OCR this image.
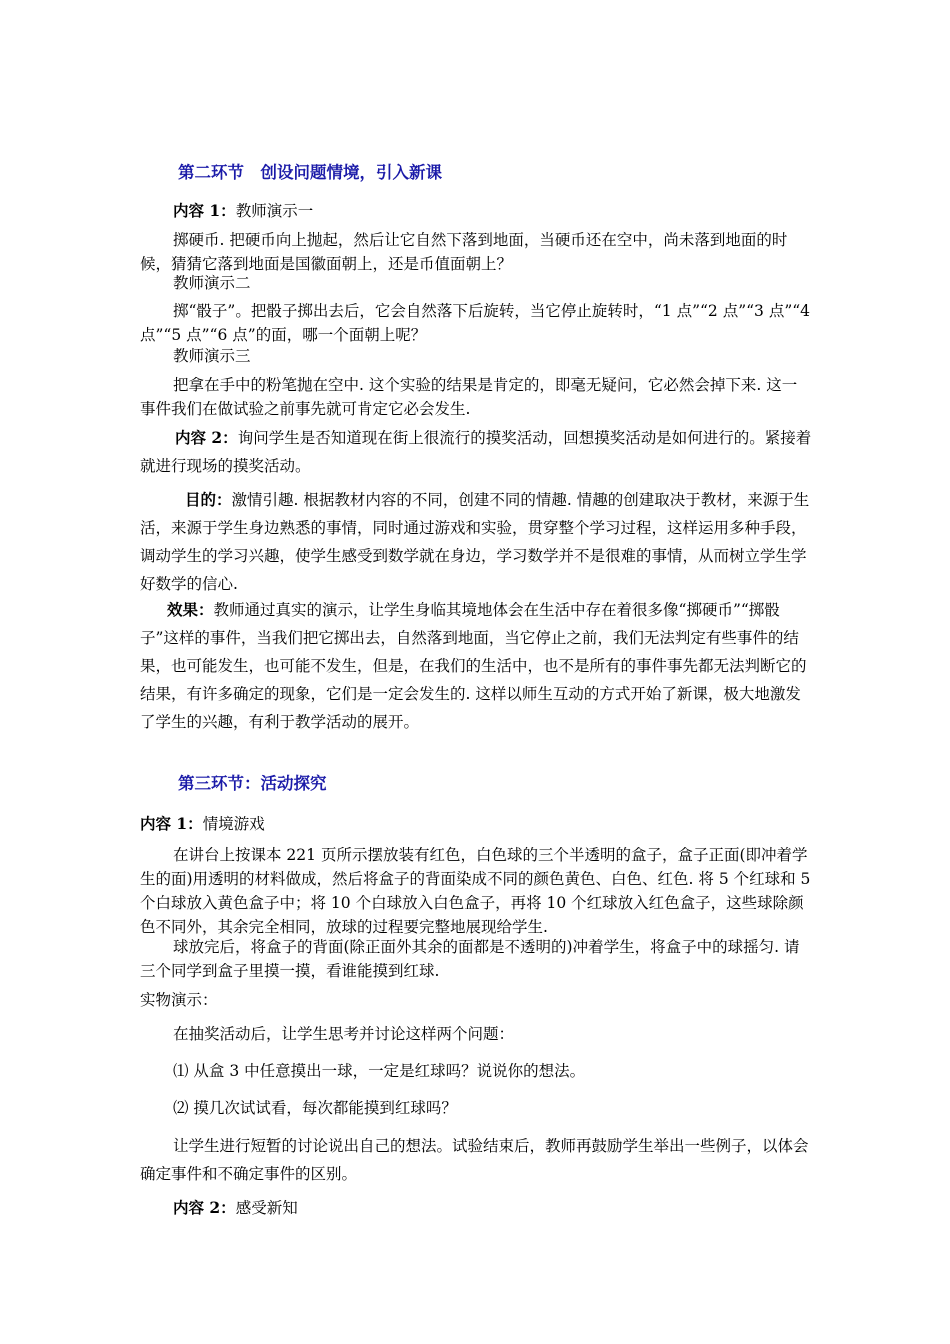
第二环节　创设问题情境，引入新课

内容 1：教师演示一

掷硬币. 把硬币向上抛起，然后让它自然下落到地面，当硬币还在空中，尚未落到地面的时候，猜猜它落到地面是国徽面朝上，还是币值面朝上？

教师演示二

掷“骰子”。把骰子掷出去后，它会自然落下后旋转，当它停止旋转时，“1 点”“2 点”“3 点”“4 点”“5 点”“6 点”的面，哪一个面朝上呢？

教师演示三

把拿在手中的粉笔抛在空中. 这个实验的结果是肯定的，即毫无疑问，它必然会掉下来. 这一事件我们在做试验之前事先就可肯定它必会发生.

内容 2：询问学生是否知道现在街上很流行的摸奖活动，回想摸奖活动是如何进行的。紧接着就进行现场的摸奖活动。

目的：激情引趣. 根据教材内容的不同，创建不同的情趣. 情趣的创建取决于教材，来源于生活，来源于学生身边熟悉的事情，同时通过游戏和实验，贯穿整个学习过程，这样运用多种手段，调动学生的学习兴趣，使学生感受到数学就在身边，学习数学并不是很难的事情，从而树立学生学好数学的信心.

效果：教师通过真实的演示，让学生身临其境地体会在生活中存在着很多像“掷硬币”“掷骰子”这样的事件，当我们把它掷出去，自然落到地面，当它停止之前，我们无法判定有些事件的结果，也可能发生，也可能不发生，但是，在我们的生活中，也不是所有的事件事先都无法判断它的结果，有许多确定的现象，它们是一定会发生的. 这样以师生互动的方式开始了新课，极大地激发了学生的兴趣，有利于教学活动的展开。

第三环节：活动探究

内容 1：情境游戏

在讲台上按课本 221 页所示摆放装有红色，白色球的三个半透明的盒子，盒子正面(即冲着学生的面)用透明的材料做成，然后将盒子的背面染成不同的颜色黄色、白色、红色. 将 5 个红球和 5 个白球放入黄色盒子中；将 10 个白球放入白色盒子，再将 10 个红球放入红色盒子，这些球除颜色不同外，其余完全相同，放球的过程要完整地展现给学生.

球放完后，将盒子的背面(除正面外其余的面都是不透明的)冲着学生，将盒子中的球摇匀. 请三个同学到盒子里摸一摸，看谁能摸到红球.

实物演示：

在抽奖活动后，让学生思考并讨论这样两个问题：

⑴ 从盒 3 中任意摸出一球，一定是红球吗？说说你的想法。

⑵ 摸几次试试看，每次都能摸到红球吗？

让学生进行短暂的讨论说出自己的想法。试验结束后，教师再鼓励学生举出一些例子，以体会确定事件和不确定事件的区别。

内容 2：感受新知
